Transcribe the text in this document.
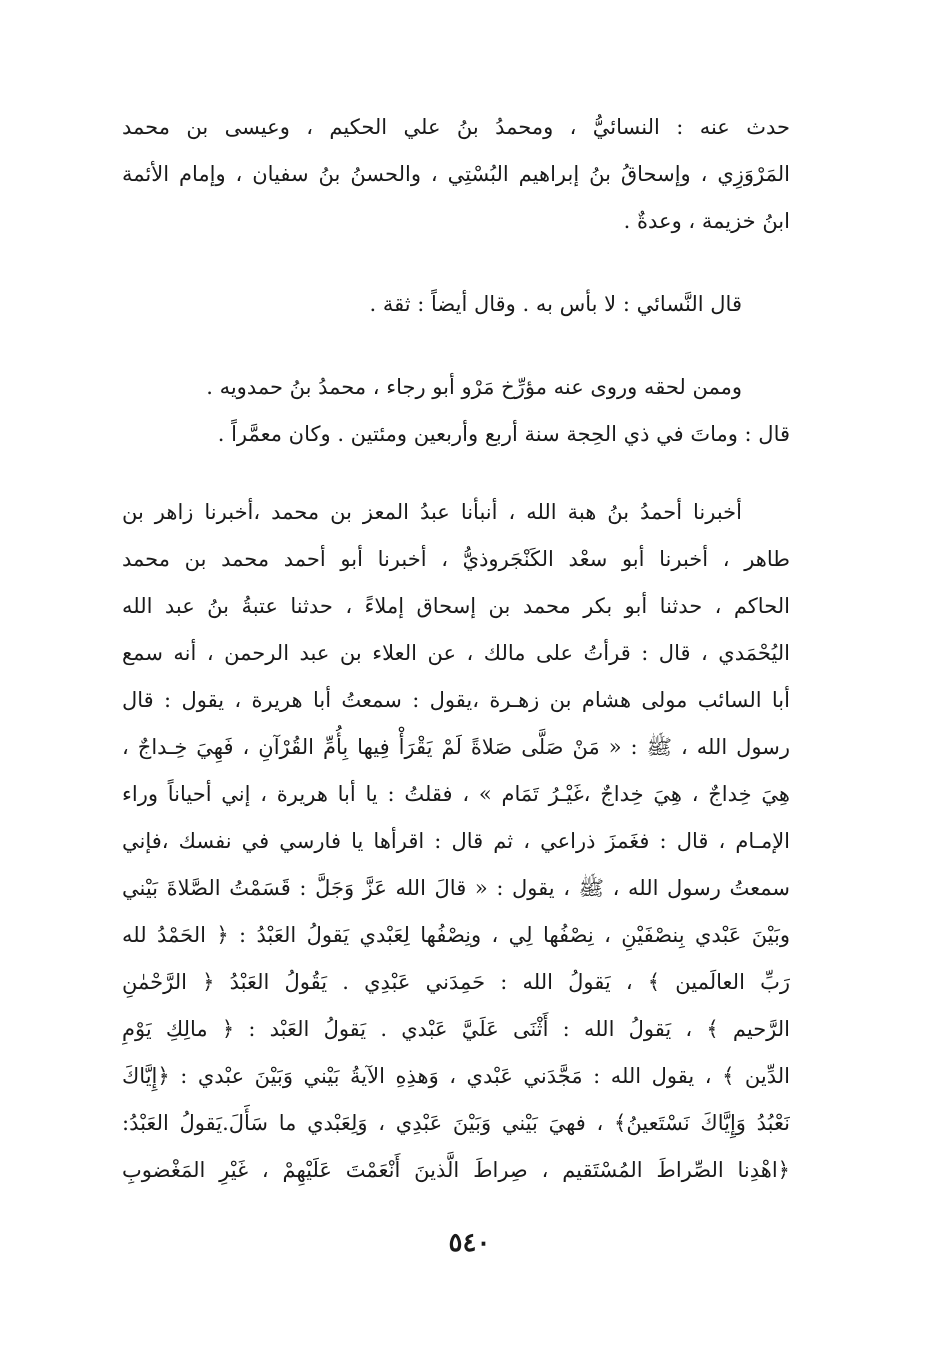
حدث عنه : النسائيُّ ، ومحمدُ بنُ علي الحكيم ، وعيسى بن محمد
المَرْوَزِي ، وإسحاقُ بنُ إبراهيم البُسْتِي ، والحسنُ بنُ سفيان ، وإمام الأئمة
ابنُ خزيمة ، وعدةٌ .
قال النَّسائي : لا بأس به . وقال أيضاً : ثقة .
وممن لحقه وروى عنه مؤرِّخ مَرْو أبو رجاء ، محمدُ بنُ حمدويه .
قال : وماتَ في ذي الحِجة سنة أربع وأربعين ومئتين . وكان معمَّراً .
أخبرنا أحمدُ بنُ هبة الله ، أنبأنا عبدُ المعز بن محمد ،أخبرنا زاهر بن
طاهر ، أخبرنا أبو سعْد الكَنْجَروذيُّ ، أخبرنا أبو أحمد محمد بن محمد
الحاكم ، حدثنا أبو بكر محمد بن إسحاق إملاءً ، حدثنا عتبةُ بنُ عبد الله
اليُحْمَدي ، قال : قرأتُ على مالك ، عن العلاء بن عبد الرحمن ، أنه سمع
أبا السائب مولى هشام بن زهـرة ،يقول : سمعتُ أبا هريرة ، يقول : قال
رسول الله ، ﷺ : « مَنْ صَلَّى صَلاةً لَمْ يَقْرَأْ فِيها بِأُمِّ القُرْآنِ ، فَهِيَ خِـداجٌ ،
هِيَ خِداجٌ ، هِيَ خِداجٌ ،غَيْـرُ تَمَام » ، فقلتُ : يا أبا هريرة ، إني أحياناً وراء
الإمـام ، قال : فغَمزَ ذراعي ، ثم قال : اقرأها يا فارسي في نفسك ،فإني
سمعتُ رسول الله ، ﷺ ، يقول : « قالَ الله عَزَّ وَجَلَّ : قَسَمْتُ الصَّلاةَ بَيْني
وبَيْنَ عَبْدي بِنصْفَيْنِ ، نِصْفُها لِي ، ونِصْفُها لِعَبْدي يَقولُ العَبْدُ : ﴿ الحَمْدُ لله
رَبِّ العالَمين ﴾ ، يَقولُ الله : حَمِدَني عَبْدِي . يَقُولُ العَبْدُ ﴿ الرَّحْمٰنِ
الرَّحيم ﴾ ، يَقولُ الله : أَثْنَى عَلَيَّ عَبْدي . يَقولُ العَبْد : ﴿ مالِكِ يَوْمِ
الدِّين ﴾ ، يقول الله : مَجَّدَني عَبْدي ، وَهذِهِ الآيةُ بَيْني وَبَيْنَ عبْدي : ﴿إِيَّاكَ
نَعْبُدُ وَإِيَّاكَ نَسْتَعينُ﴾ ، فهيَ بَيْني وَبَيْنَ عَبْدِي ، وَلِعَبْدي ما سَأَلَ.يَقولُ العَبْدُ:
﴿اهْدِنا الصِّراطَ المُسْتَقيم ، صِراطَ الَّذينَ أَنْعَمْتَ عَلَيْهِمْ ، غَيْرِ المَغْضوبِ
٥٤٠
